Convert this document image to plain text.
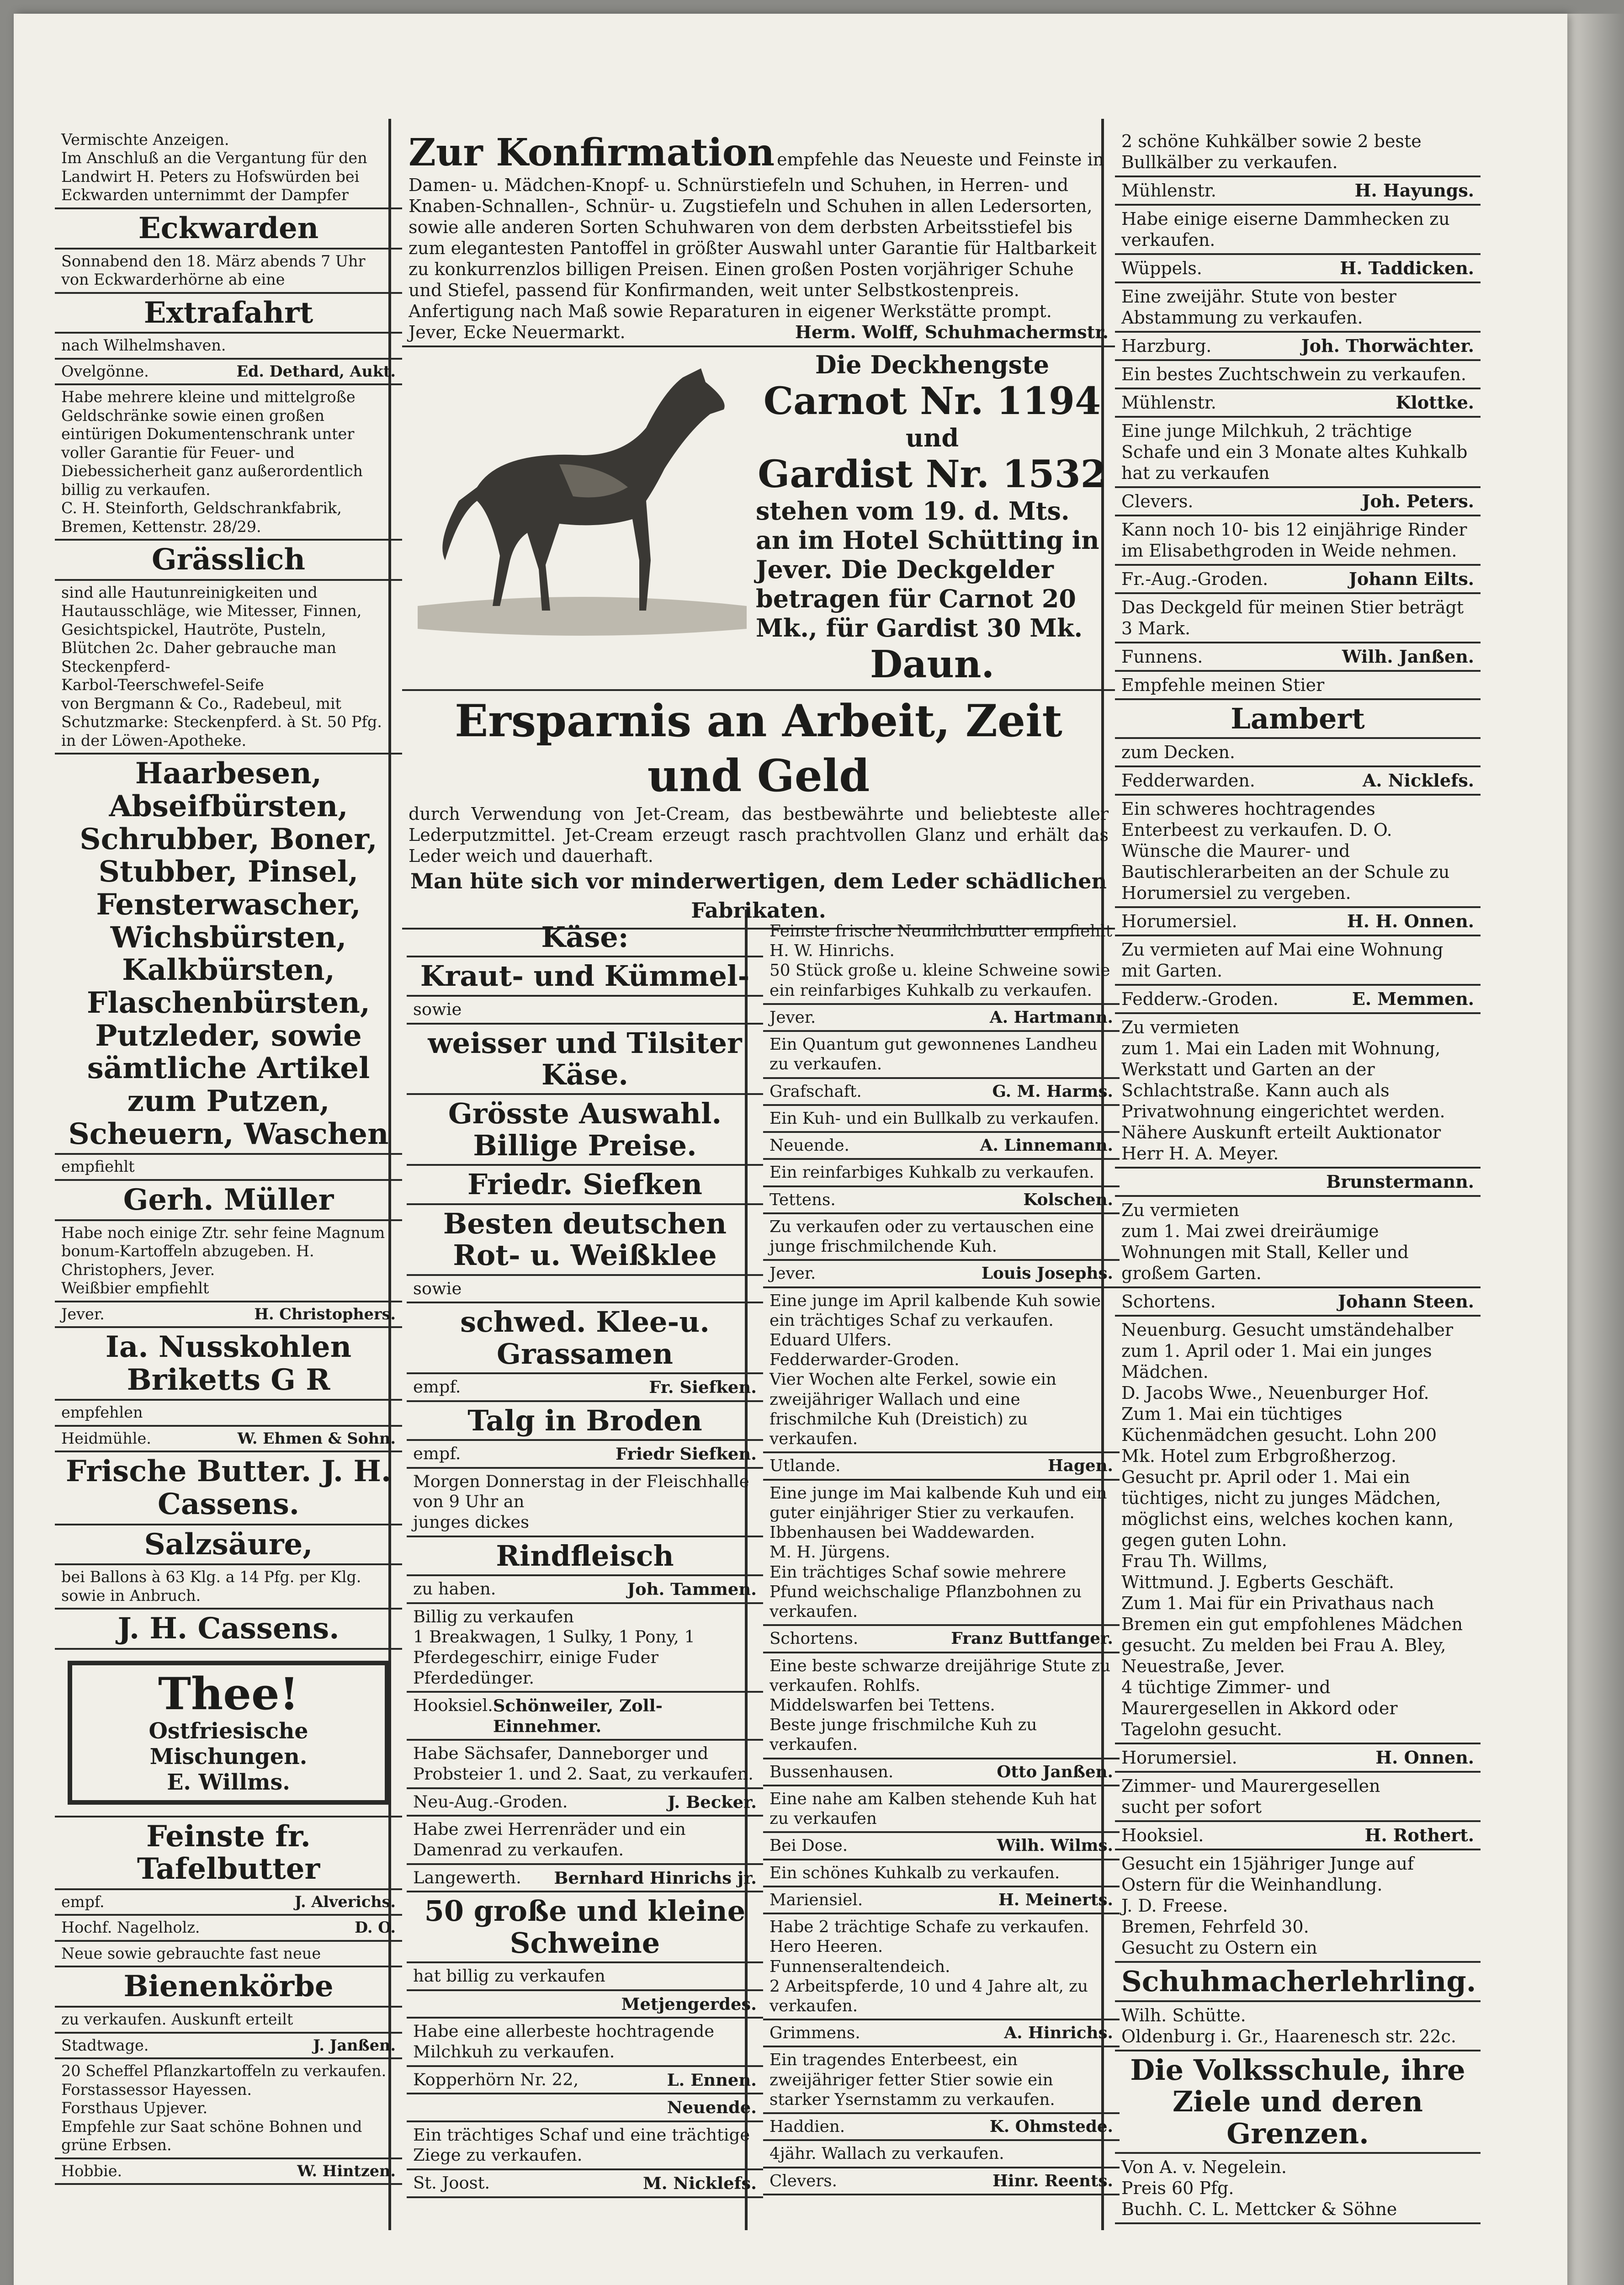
Vermischte Anzeigen.
Im Anschluß an die Vergantung für den Landwirt H. Peters zu Hofswürden bei Eckwarden unternimmt der Dampfer
Eckwarden
Sonnabend den 18. März abends 7 Uhr von Eckwarderhörne ab eine
Extrafahrt
nach Wilhelmshaven.
Ovelgönne.	Ed. Dethard, Aukt.
Habe mehrere kleine und mittelgroße Geldschränke sowie einen großen eintürigen Dokumentenschrank unter voller Garantie für Feuer- und Diebessicherheit ganz außerordentlich billig zu verkaufen.
C. H. Steinforth, Geldschrankfabrik, Bremen, Kettenstr. 28/29.
Grässlich
sind alle Hautunreinigkeiten und Hautausschläge, wie Mitesser, Finnen, Gesichtspickel, Hautröte, Pusteln, Blütchen 2c. Daher gebrauche man
Steckenpferd-
Karbol-Teerschwefel-Seife
von Bergmann & Co., Radebeul, mit Schutzmarke: Steckenpferd. à St. 50 Pfg. in der Löwen-Apotheke.
Haarbesen, Abseifbürsten, Schrubber, Boner, Stubber, Pinsel, Fensterwascher, Wichsbürsten, Kalkbürsten, Flaschenbürsten, Putzleder, sowie sämtliche Artikel zum Putzen, Scheuern, Waschen
empfiehlt
Gerh. Müller
Habe noch einige Ztr. sehr feine Magnum bonum-Kartoffeln abzugeben. H. Christophers, Jever.
Weißbier empfiehlt
Jever.	H. Christophers.
Ia. Nusskohlen Briketts G R
empfehlen
Heidmühle.	W. Ehmen & Sohn.
Frische Butter. J. H. Cassens.
Salzsäure,
bei Ballons à 63 Klg. a 14 Pfg. per Klg. sowie in Anbruch.
J. H. Cassens.
Thee!
Ostfriesische Mischungen.
E. Willms.
Feinste fr. Tafelbutter
empf.	J. Alverichs.
Hochf. Nagelholz.	D. O.
Neue sowie gebrauchte fast neue
Bienenkörbe
zu verkaufen. Auskunft erteilt
Stadtwage.	J. Janßen.
20 Scheffel Pflanzkartoffeln zu verkaufen.
Forstassessor Hayessen.
Forsthaus Upjever.
Empfehle zur Saat schöne Bohnen und grüne Erbsen.
Hobbie.	W. Hintzen.
Zur Konfirmation empfehle das Neueste und Feinste in Damen- u. Mädchen-Knopf- u. Schnürstiefeln und Schuhen, in Herren- und Knaben-Schnallen-, Schnür- u. Zugstiefeln und Schuhen in allen Ledersorten, sowie alle anderen Sorten Schuhwaren von dem derbsten Arbeitsstiefel bis zum elegantesten Pantoffel in größter Auswahl unter Garantie für Haltbarkeit zu konkurrenzlos billigen Preisen. Einen großen Posten vorjähriger Schuhe und Stiefel, passend für Konfirmanden, weit unter Selbstkostenpreis. Anfertigung nach Maß sowie Reparaturen in eigener Werkstätte prompt.
Jever, Ecke Neuermarkt.	Herm. Wolff, Schuhmachermstr.
Die Deckhengste
Carnot Nr. 1194
und
Gardist Nr. 1532
stehen vom 19. d. Mts. an im Hotel Schütting in Jever. Die Deckgelder betragen für Carnot 20 Mk., für Gardist 30 Mk.
Daun.
Ersparnis an Arbeit, Zeit und Geld
durch Verwendung von Jet-Cream, das bestbewährte und beliebteste aller Lederputzmittel. Jet-Cream erzeugt rasch prachtvollen Glanz und erhält das Leder weich und dauerhaft.
Man hüte sich vor minderwertigen, dem Leder schädlichen Fabrikaten.
Käse:
Kraut- und Kümmel-
sowie
weisser und Tilsiter Käse.
Grösste Auswahl. Billige Preise.
Friedr. Siefken
Besten deutschen Rot- u. Weißklee
sowie
schwed. Klee-u. Grassamen
empf.	Fr. Siefken.
Talg in Broden
empf.	Friedr Siefken.
Morgen Donnerstag in der Fleischhalle von 9 Uhr an
junges dickes
Rindfleisch
zu haben.	Joh. Tammen.
Billig zu verkaufen
1 Breakwagen, 1 Sulky, 1 Pony, 1 Pferdegeschirr, einige Fuder Pferdedünger.
Hooksiel. Schönweiler, Zoll-Einnehmer.
Habe Sächsafer, Danneborger und Probsteier 1. und 2. Saat, zu verkaufen.
Neu-Aug.-Groden.	J. Becker.
Habe zwei Herrenräder und ein Damenrad zu verkaufen.
Langewerth. Bernhard Hinrichs jr.
50 große und kleine Schweine
hat billig zu verkaufen
Metjengerdes.
Habe eine allerbeste hochtragende Milchkuh zu verkaufen.
Kopperhörn Nr. 22,	L. Ennen.
Neuende.
Ein trächtiges Schaf und eine trächtige Ziege zu verkaufen.
St. Joost.	M. Nicklefs.
Feinste frische Neumilchbutter empfiehlt H. W. Hinrichs.
50 Stück große u. kleine Schweine sowie ein reinfarbiges Kuhkalb zu verkaufen.
Jever.	A. Hartmann.
Ein Quantum gut gewonnenes Landheu zu verkaufen.
Grafschaft.	G. M. Harms.
Ein Kuh- und ein Bullkalb zu verkaufen.
Neuende.	A. Linnemann.
Ein reinfarbiges Kuhkalb zu verkaufen.
Tettens.	Kolschen.
Zu verkaufen oder zu vertauschen eine junge frischmilchende Kuh.
Jever.	Louis Josephs.
Eine junge im April kalbende Kuh sowie ein trächtiges Schaf zu verkaufen. Eduard Ulfers.
Fedderwarder-Groden.
Vier Wochen alte Ferkel, sowie ein zweijähriger Wallach und eine frischmilche Kuh (Dreistich) zu verkaufen.
Utlande.	Hagen.
Eine junge im Mai kalbende Kuh und ein guter einjähriger Stier zu verkaufen.
Ibbenhausen bei Waddewarden.
M. H. Jürgens.
Ein trächtiges Schaf sowie mehrere Pfund weichschalige Pflanzbohnen zu verkaufen.
Schortens.	Franz Buttfanger.
Eine beste schwarze dreijährige Stute zu verkaufen. Rohlfs.
Middelswarfen bei Tettens.
Beste junge frischmilche Kuh zu verkaufen.
Bussenhausen.	Otto Janßen.
Eine nahe am Kalben stehende Kuh hat zu verkaufen
Bei Dose.	Wilh. Wilms.
Ein schönes Kuhkalb zu verkaufen.
Mariensiel.	H. Meinerts.
Habe 2 trächtige Schafe zu verkaufen. Hero Heeren.
Funnenseraltendeich.
2 Arbeitspferde, 10 und 4 Jahre alt, zu verkaufen.
Grimmens.	A. Hinrichs.
Ein tragendes Enterbeest, ein zweijähriger fetter Stier sowie ein starker Ysernstamm zu verkaufen.
Haddien.	K. Ohmstede.
4jähr. Wallach zu verkaufen.
Clevers.	Hinr. Reents.
2 schöne Kuhkälber sowie 2 beste Bullkälber zu verkaufen.
Mühlenstr.	H. Hayungs.
Habe einige eiserne Dammhecken zu verkaufen.
Wüppels.	H. Taddicken.
Eine zweijähr. Stute von bester Abstammung zu verkaufen.
Harzburg.	Joh. Thorwächter.
Ein bestes Zuchtschwein zu verkaufen.
Mühlenstr.	Klottke.
Eine junge Milchkuh, 2 trächtige Schafe und ein 3 Monate altes Kuhkalb hat zu verkaufen
Clevers.	Joh. Peters.
Kann noch 10- bis 12 einjährige Rinder im Elisabethgroden in Weide nehmen.
Fr.-Aug.-Groden.	Johann Eilts.
Das Deckgeld für meinen Stier beträgt 3 Mark.
Funnens.	Wilh. Janßen.
Empfehle meinen Stier
Lambert
zum Decken.
Fedderwarden.	A. Nicklefs.
Ein schweres hochtragendes Enterbeest zu verkaufen. D. O.
Wünsche die Maurer- und Bautischlerarbeiten an der Schule zu Horumersiel zu vergeben.
Horumersiel.	H. H. Onnen.
Zu vermieten auf Mai eine Wohnung mit Garten.
Fedderw.-Groden.	E. Memmen.
Zu vermieten
zum 1. Mai ein Laden mit Wohnung, Werkstatt und Garten an der Schlachtstraße. Kann auch als Privatwohnung eingerichtet werden. Nähere Auskunft erteilt Auktionator Herr H. A. Meyer.
Brunstermann.
Zu vermieten
zum 1. Mai zwei dreiräumige Wohnungen mit Stall, Keller und großem Garten.
Schortens.	Johann Steen.
Neuenburg. Gesucht umständehalber zum 1. April oder 1. Mai ein junges Mädchen.
D. Jacobs Wwe., Neuenburger Hof.
Zum 1. Mai ein tüchtiges Küchenmädchen gesucht. Lohn 200 Mk. Hotel zum Erbgroßherzog.
Gesucht pr. April oder 1. Mai ein tüchtiges, nicht zu junges Mädchen, möglichst eins, welches kochen kann, gegen guten Lohn.
Frau Th. Willms,
Wittmund. J. Egberts Geschäft.
Zum 1. Mai für ein Privathaus nach Bremen ein gut empfohlenes Mädchen gesucht. Zu melden bei Frau A. Bley, Neuestraße, Jever.
4 tüchtige Zimmer- und Maurergesellen in Akkord oder Tagelohn gesucht.
Horumersiel.	H. Onnen.
Zimmer- und Maurergesellen
sucht per sofort
Hooksiel.	H. Rothert.
Gesucht ein 15jähriger Junge auf Ostern für die Weinhandlung.
J. D. Freese.
Bremen, Fehrfeld 30.
Gesucht zu Ostern ein
Schuhmacherlehrling.
Wilh. Schütte.
Oldenburg i. Gr., Haarenesch str. 22c.
Die Volksschule, ihre Ziele und deren Grenzen.
Von A. v. Negelein.
Preis 60 Pfg.
Buchh. C. L. Mettcker & Söhne
